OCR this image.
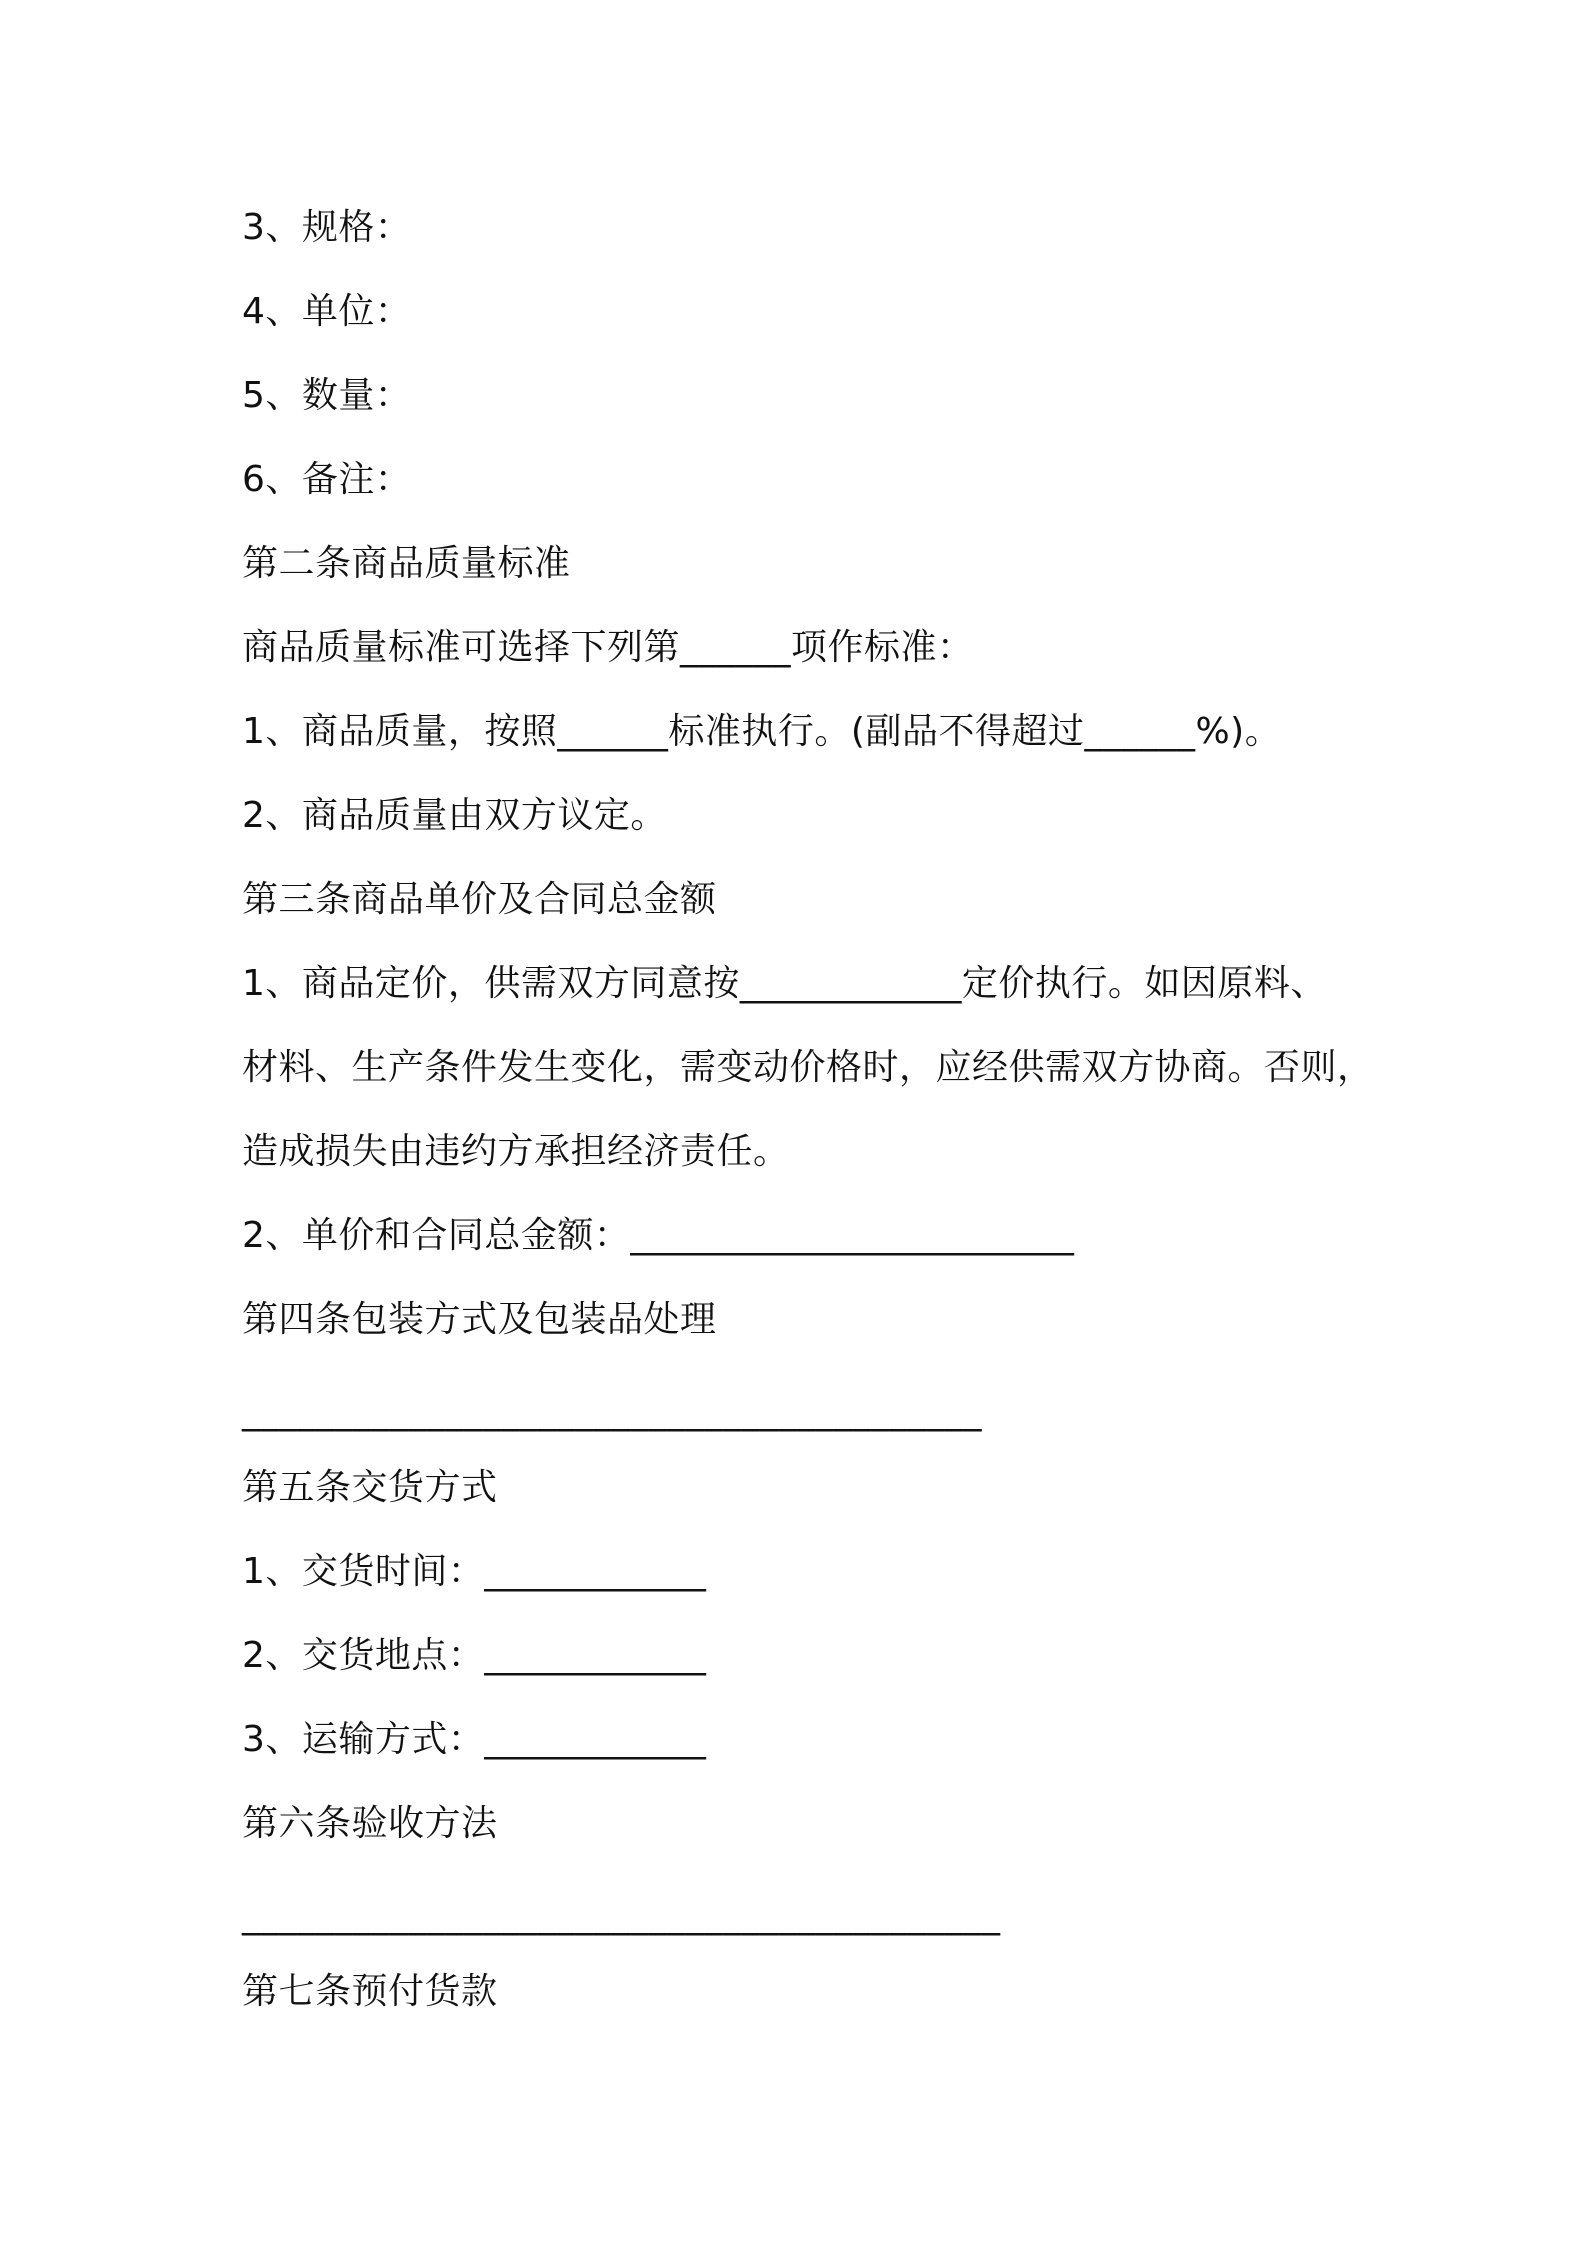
3、规格：
4、单位：
5、数量：
6、备注：
第二条商品质量标准
商品质量标准可选择下列第______项作标准：
1、商品质量，按照______标准执行。(副品不得超过______%)。
2、商品质量由双方议定。
第三条商品单价及合同总金额
1、商品定价，供需双方同意按____________定价执行。如因原料、
材料、生产条件发生变化，需变动价格时，应经供需双方协商。否则，
造成损失由违约方承担经济责任。
2、单价和合同总金额：________________________
第四条包装方式及包装品处理
________________________________________
第五条交货方式
1、交货时间：____________
2、交货地点：____________
3、运输方式：____________
第六条验收方法
_________________________________________
第七条预付货款
